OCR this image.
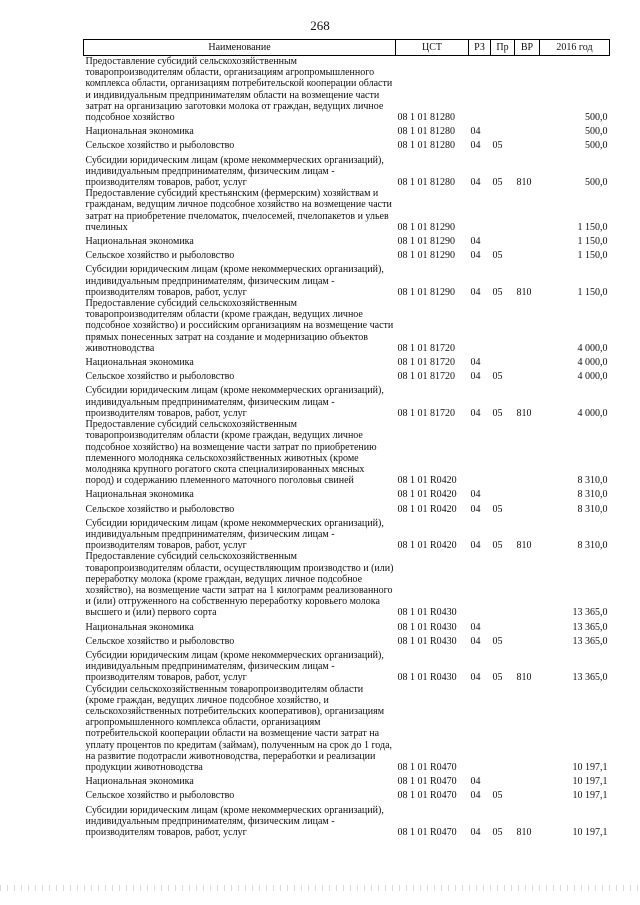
268
Наименование	ЦСТ	РЗ	Пр	ВР	2016 год
Предоставление субсидий сельскохозяйственным товаропроизводителям области, организациям агропромышленного комплекса области, организациям потребительской кооперации области и индивидуальным предпринимателям области на возмещение части затрат на организацию заготовки молока от граждан, ведущих личное подсобное хозяйство	08 1 01 81280				500,0
Национальная экономика	08 1 01 81280	04			500,0
Сельское хозяйство и рыболовство	08 1 01 81280	04	05		500,0
Субсидии юридическим лицам (кроме некоммерческих организаций), индивидуальным предпринимателям, физическим лицам - производителям товаров, работ, услуг	08 1 01 81280	04	05	810	500,0
Предоставление субсидий крестьянским (фермерским) хозяйствам и гражданам, ведущим личное подсобное хозяйство на возмещение части затрат на приобретение пчеломаток, пчелосемей, пчелопакетов и ульев пчелиных	08 1 01 81290				1 150,0
Национальная экономика	08 1 01 81290	04			1 150,0
Сельское хозяйство и рыболовство	08 1 01 81290	04	05		1 150,0
Субсидии юридическим лицам (кроме некоммерческих организаций), индивидуальным предпринимателям, физическим лицам - производителям товаров, работ, услуг	08 1 01 81290	04	05	810	1 150,0
Предоставление субсидий сельскохозяйственным товаропроизводителям области (кроме граждан, ведущих личное подсобное хозяйство) и российским организациям на возмещение части прямых понесенных затрат на создание и модернизацию объектов животноводства	08 1 01 81720				4 000,0
Национальная экономика	08 1 01 81720	04			4 000,0
Сельское хозяйство и рыболовство	08 1 01 81720	04	05		4 000,0
Субсидии юридическим лицам (кроме некоммерческих организаций), индивидуальным предпринимателям, физическим лицам - производителям товаров, работ, услуг	08 1 01 81720	04	05	810	4 000,0
Предоставление субсидий сельскохозяйственным товаропроизводителям области (кроме граждан, ведущих личное подсобное хозяйство) на возмещение части затрат по приобретению племенного молодняка сельскохозяйственных животных (кроме молодняка крупного рогатого скота специализированных мясных пород) и содержанию племенного маточного поголовья свиней	08 1 01 R0420				8 310,0
Национальная экономика	08 1 01 R0420	04			8 310,0
Сельское хозяйство и рыболовство	08 1 01 R0420	04	05		8 310,0
Субсидии юридическим лицам (кроме некоммерческих организаций), индивидуальным предпринимателям, физическим лицам - производителям товаров, работ, услуг	08 1 01 R0420	04	05	810	8 310,0
Предоставление субсидий сельскохозяйственным товаропроизводителям области, осуществляющим производство и (или) переработку молока (кроме граждан, ведущих личное подсобное хозяйство), на возмещение части затрат на 1 килограмм реализованного и (или) отгруженного на собственную переработку коровьего молока высшего и (или) первого сорта	08 1 01 R0430				13 365,0
Национальная экономика	08 1 01 R0430	04			13 365,0
Сельское хозяйство и рыболовство	08 1 01 R0430	04	05		13 365,0
Субсидии юридическим лицам (кроме некоммерческих организаций), индивидуальным предпринимателям, физическим лицам - производителям товаров, работ, услуг	08 1 01 R0430	04	05	810	13 365,0
Субсидии сельскохозяйственным товаропроизводителям области (кроме граждан, ведущих личное подсобное хозяйство, и сельскохозяйственных потребительских кооперативов), организациям агропромышленного комплекса области, организациям потребительской кооперации области на возмещение части затрат на уплату процентов по кредитам (займам), полученным на срок до 1 года, на развитие подотрасли животноводства, переработки и реализации продукции животноводства	08 1 01 R0470				10 197,1
Национальная экономика	08 1 01 R0470	04			10 197,1
Сельское хозяйство и рыболовство	08 1 01 R0470	04	05		10 197,1
Субсидии юридическим лицам (кроме некоммерческих организаций), индивидуальным предпринимателям, физическим лицам - производителям товаров, работ, услуг	08 1 01 R0470	04	05	810	10 197,1
